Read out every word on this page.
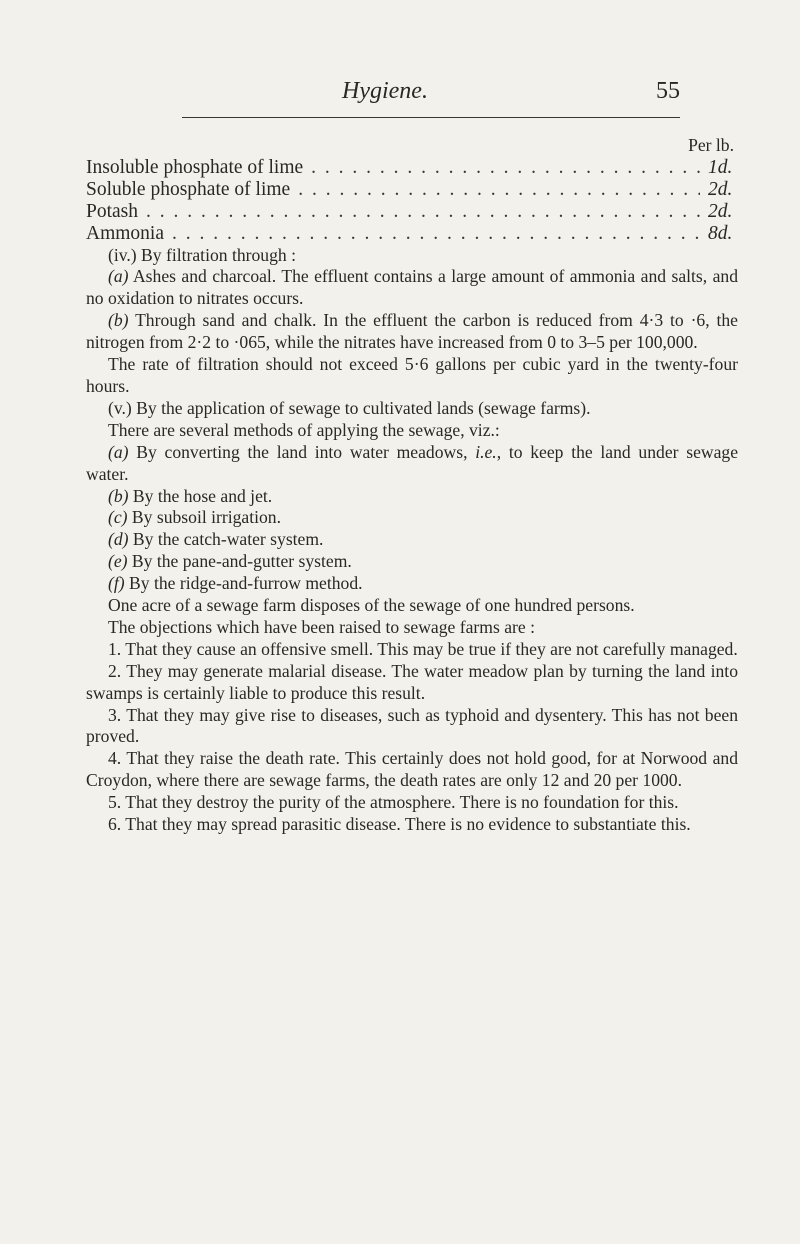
Hygiene.	55
Per lb.
Insoluble phosphate of lime . . .	1d.
Soluble phosphate of lime . . .	2d.
Potash . . .	2d.
Ammonia . . .	8d.

(iv.) By filtration through :

(a) Ashes and charcoal. The effluent contains a large amount of ammonia and salts, and no oxidation to nitrates occurs.

(b) Through sand and chalk. In the effluent the carbon is reduced from 4·3 to ·6, the nitrogen from 2·2 to ·065, while the nitrates have increased from 0 to 3–5 per 100,000.

The rate of filtration should not exceed 5·6 gallons per cubic yard in the twenty-four hours.

(v.) By the application of sewage to cultivated lands (sewage farms).

There are several methods of applying the sewage, viz.:

(a) By converting the land into water meadows, i.e., to keep the land under sewage water.

(b) By the hose and jet.

(c) By subsoil irrigation.

(d) By the catch-water system.

(e) By the pane-and-gutter system.

(f) By the ridge-and-furrow method.

One acre of a sewage farm disposes of the sewage of one hundred persons.

The objections which have been raised to sewage farms are :

1. That they cause an offensive smell. This may be true if they are not carefully managed.

2. They may generate malarial disease. The water meadow plan by turning the land into swamps is certainly liable to produce this result.

3. That they may give rise to diseases, such as typhoid and dysentery. This has not been proved.

4. That they raise the death rate. This certainly does not hold good, for at Norwood and Croydon, where there are sewage farms, the death rates are only 12 and 20 per 1000.

5. That they destroy the purity of the atmosphere. There is no foundation for this.

6. That they may spread parasitic disease. There is no evidence to substantiate this.
